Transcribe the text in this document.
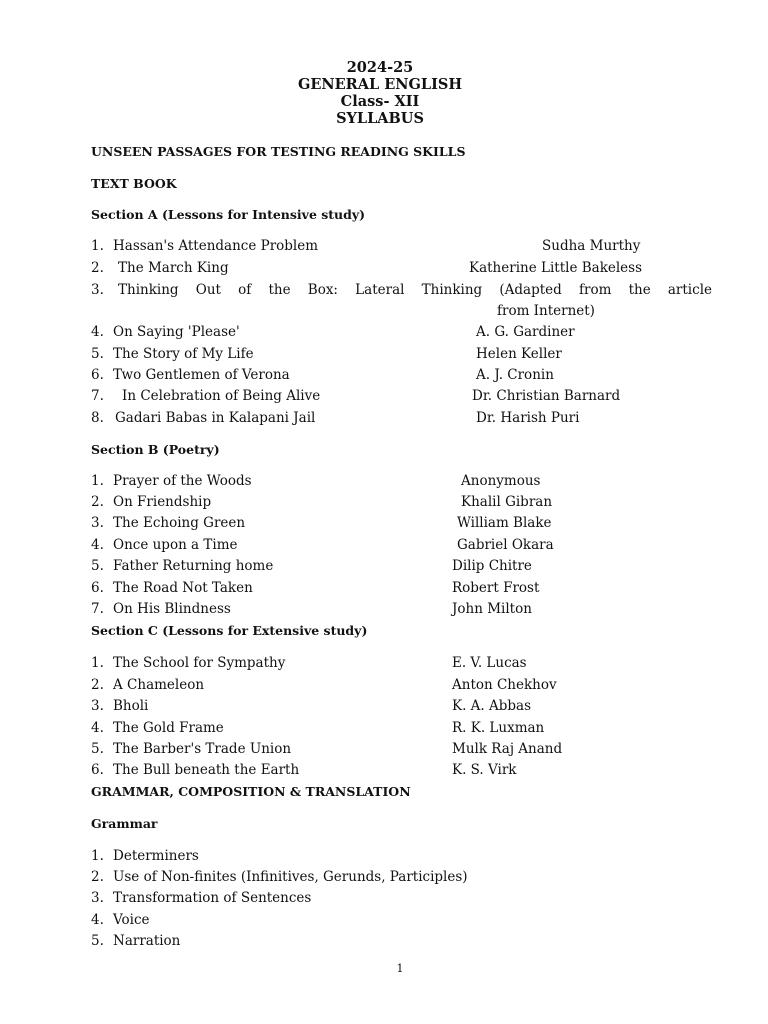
2024-25
GENERAL ENGLISH
Class- XII
SYLLABUS
UNSEEN PASSAGES FOR TESTING READING SKILLS
TEXT BOOK
Section A (Lessons for Intensive study)
1. Hassan's Attendance Problem	Sudha Murthy
2. The March King	Katherine Little Bakeless
3. Thinking Out of the Box: Lateral Thinking (Adapted from the article
from Internet)
4. On Saying 'Please'	A. G. Gardiner
5. The Story of My Life	Helen Keller
6. Two Gentlemen of Verona	A. J. Cronin
7. In Celebration of Being Alive	Dr. Christian Barnard
8. Gadari Babas in Kalapani Jail	Dr. Harish Puri
Section B (Poetry)
1. Prayer of the Woods	Anonymous
2. On Friendship	Khalil Gibran
3. The Echoing Green	William Blake
4. Once upon a Time	Gabriel Okara
5. Father Returning home	Dilip Chitre
6. The Road Not Taken	Robert Frost
7. On His Blindness	John Milton
Section C (Lessons for Extensive study)
1. The School for Sympathy	E. V. Lucas
2. A Chameleon	Anton Chekhov
3. Bholi	K. A. Abbas
4. The Gold Frame	R. K. Luxman
5. The Barber's Trade Union	Mulk Raj Anand
6. The Bull beneath the Earth	K. S. Virk
GRAMMAR, COMPOSITION & TRANSLATION
Grammar
1. Determiners
2. Use of Non-finites (Infinitives, Gerunds, Participles)
3. Transformation of Sentences
4. Voice
5. Narration
1
